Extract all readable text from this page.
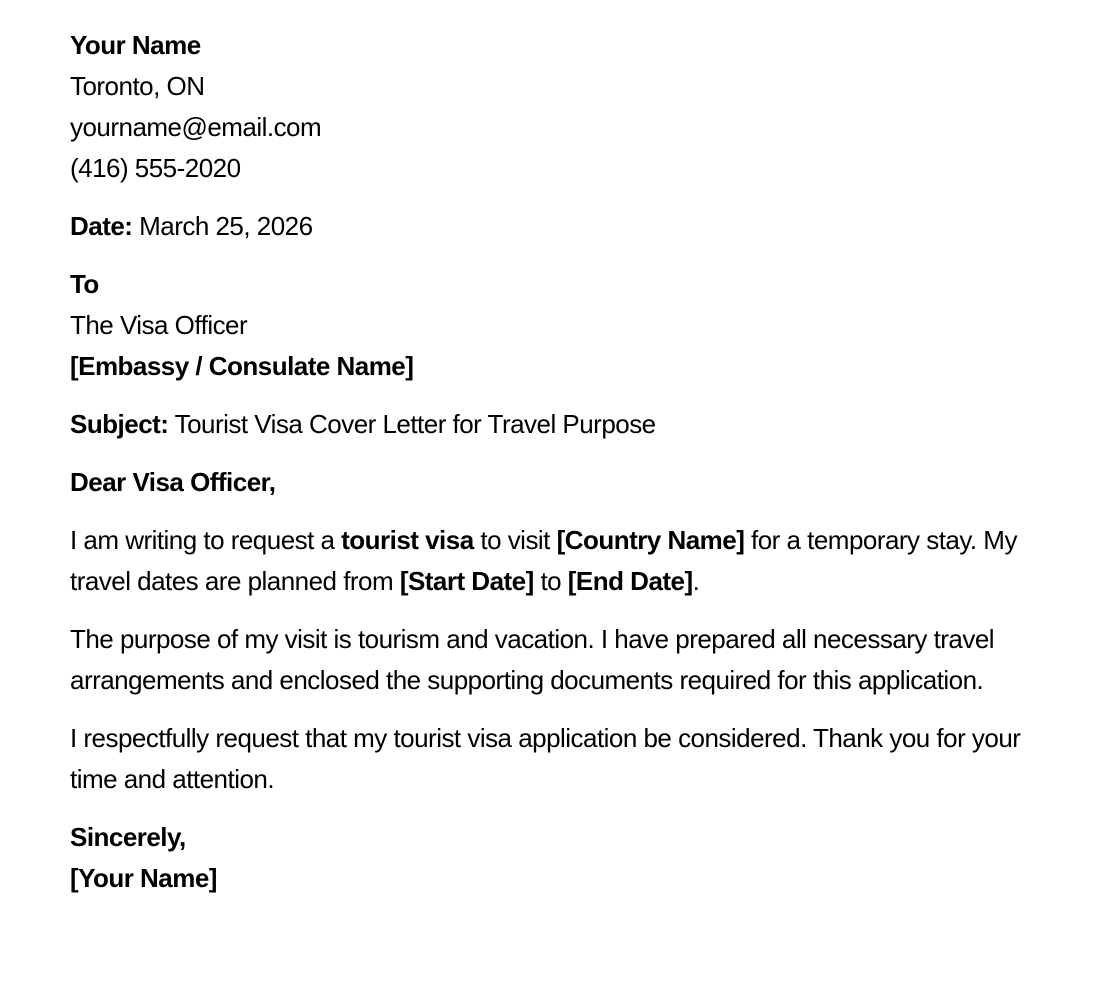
Your Name
Toronto, ON
yourname@email.com
(416) 555-2020
Date: March 25, 2026
To
The Visa Officer
[Embassy / Consulate Name]
Subject: Tourist Visa Cover Letter for Travel Purpose
Dear Visa Officer,
I am writing to request a tourist visa to visit [Country Name] for a temporary stay. My travel dates are planned from [Start Date] to [End Date].
The purpose of my visit is tourism and vacation. I have prepared all necessary travel arrangements and enclosed the supporting documents required for this application.
I respectfully request that my tourist visa application be considered. Thank you for your time and attention.
Sincerely,
[Your Name]
